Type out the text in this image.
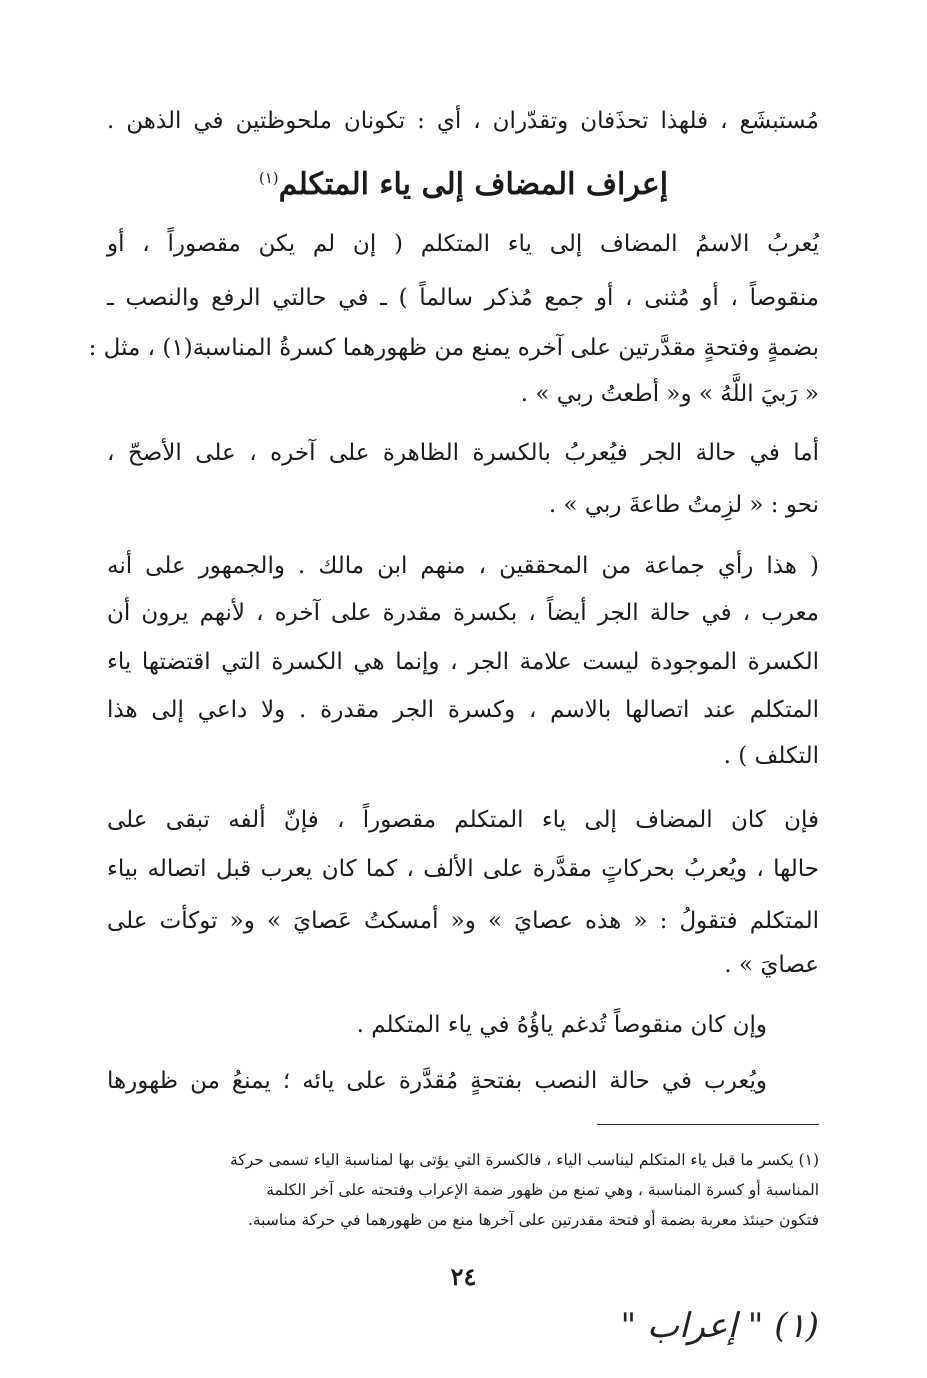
مُستبشَع ، فلهذا تحذَفان وتقدّران ، أي : تكونان ملحوظتين في الذهن .
إعراف المضاف إلى ياء المتكلم$^{(١)}$
يُعربُ الاسمُ المضاف إلى ياء المتكلم ( إن لم يكن مقصوراً ، أو
منقوصاً ، أو مُثنى ، أو جمع مُذكر سالماً ) ـ في حالتي الرفع والنصب ـ
بضمةٍ وفتحةٍ مقدَّرتين على آخره يمنع من ظهورهما كسرةُ المناسبة(١) ، مثل :
« رَبيَ اللَّهُ » و« أطعتُ ربي » .
أما في حالة الجر فيُعربُ بالكسرة الظاهرة على آخره ، على الأصحّ ،
نحو : « لزِمتُ طاعةَ ربي » .
( هذا رأي جماعة من المحققين ، منهم ابن مالك . والجمهور على أنه
معرب ، في حالة الجر أيضاً ، بكسرة مقدرة على آخره ، لأنهم يرون أن
الكسرة الموجودة ليست علامة الجر ، وإنما هي الكسرة التي اقتضتها ياء
المتكلم عند اتصالها بالاسم ، وكسرة الجر مقدرة . ولا داعي إلى هذا
التكلف ) .
فإن كان المضاف إلى ياء المتكلم مقصوراً ، فإنّ ألفه تبقى على
حالها ، ويُعربُ بحركاتٍ مقدَّرة على الألف ، كما كان يعرب قبل اتصاله بياء
المتكلم فتقولُ : « هذه عصايَ » و« أمسكتُ عَصايَ » و« توكأت على
عصايَ » .
وإن كان منقوصاً تُدغم ياؤُهُ في ياء المتكلم .
ويُعرب في حالة النصب بفتحةٍ مُقدَّرة على يائه ؛ يمنعُ من ظهورها
(١) يكسر ما قبل ياء المتكلم ليناسب الياء ، فالكسرة التي يؤتى بها لمناسبة الياء تسمى حركة
المناسبة أو كسرة المناسبة ، وهي تمنع من ظهور ضمة الإعراب وفتحته على آخر الكلمة
فتكون حينئذ معربة بضمة أو فتحة مقدرتين على آخرها منع من ظهورهما في حركة مناسبة.
٢٤
(١) " إعراب "
